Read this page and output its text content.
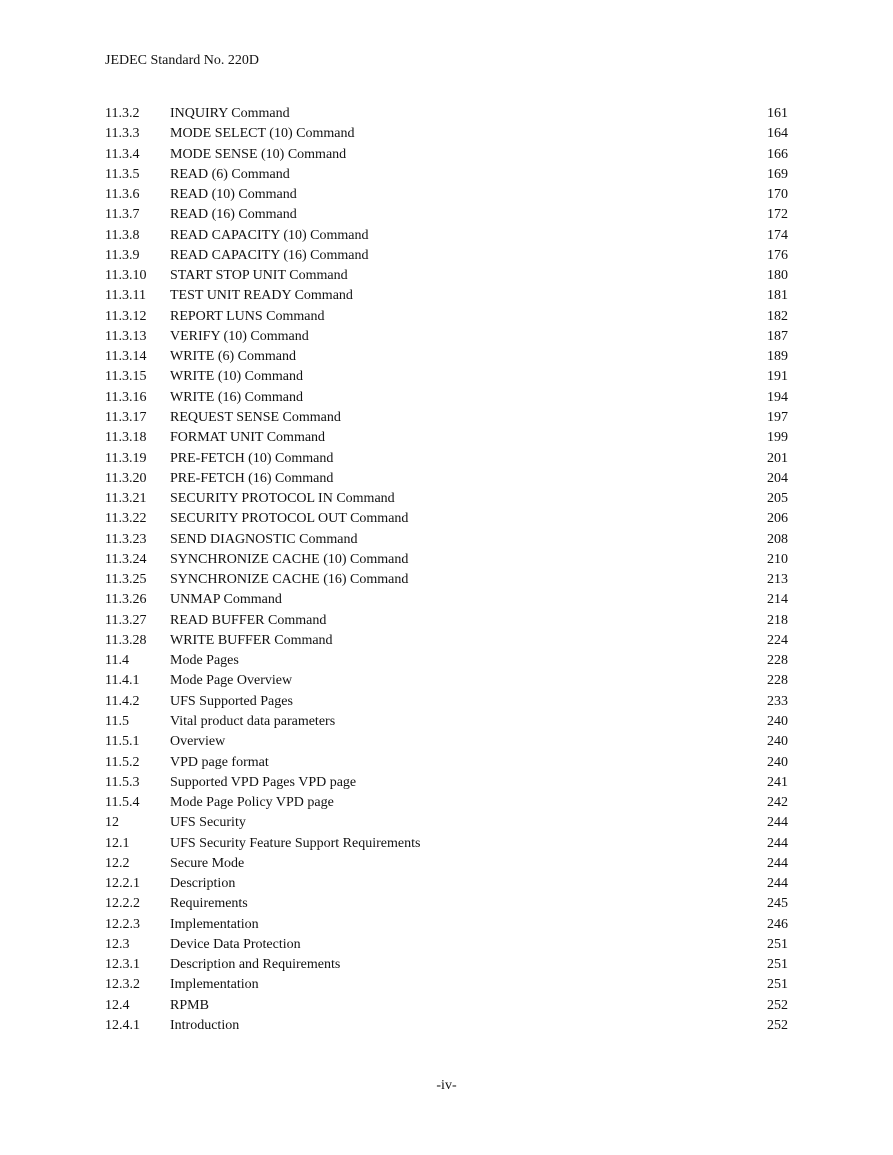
JEDEC Standard No. 220D
11.3.2 INQUIRY Command	161
11.3.3 MODE SELECT (10) Command	164
11.3.4 MODE SENSE (10) Command	166
11.3.5 READ (6) Command	169
11.3.6 READ (10) Command	170
11.3.7 READ (16) Command	172
11.3.8 READ CAPACITY (10) Command	174
11.3.9 READ CAPACITY (16) Command	176
11.3.10 START STOP UNIT Command	180
11.3.11 TEST UNIT READY Command	181
11.3.12 REPORT LUNS Command	182
11.3.13 VERIFY (10) Command	187
11.3.14 WRITE (6) Command	189
11.3.15 WRITE (10) Command	191
11.3.16 WRITE (16) Command	194
11.3.17 REQUEST SENSE Command	197
11.3.18 FORMAT UNIT Command	199
11.3.19 PRE-FETCH (10) Command	201
11.3.20 PRE-FETCH (16) Command	204
11.3.21 SECURITY PROTOCOL IN Command	205
11.3.22 SECURITY PROTOCOL OUT Command	206
11.3.23 SEND DIAGNOSTIC Command	208
11.3.24 SYNCHRONIZE CACHE (10) Command	210
11.3.25 SYNCHRONIZE CACHE (16) Command	213
11.3.26 UNMAP Command	214
11.3.27 READ BUFFER Command	218
11.3.28 WRITE BUFFER Command	224
11.4	Mode Pages	228
11.4.1 Mode Page Overview	228
11.4.2 UFS Supported Pages	233
11.5	Vital product data parameters	240
11.5.1 Overview	240
11.5.2 VPD page format	240
11.5.3 Supported VPD Pages VPD page	241
11.5.4 Mode Page Policy VPD page	242
12	UFS Security	244
12.1	UFS Security Feature Support Requirements	244
12.2	Secure Mode	244
12.2.1 Description	244
12.2.2 Requirements	245
12.2.3 Implementation	246
12.3	Device Data Protection	251
12.3.1 Description and Requirements	251
12.3.2 Implementation	251
12.4	RPMB	252
12.4.1 Introduction	252
-iv-
